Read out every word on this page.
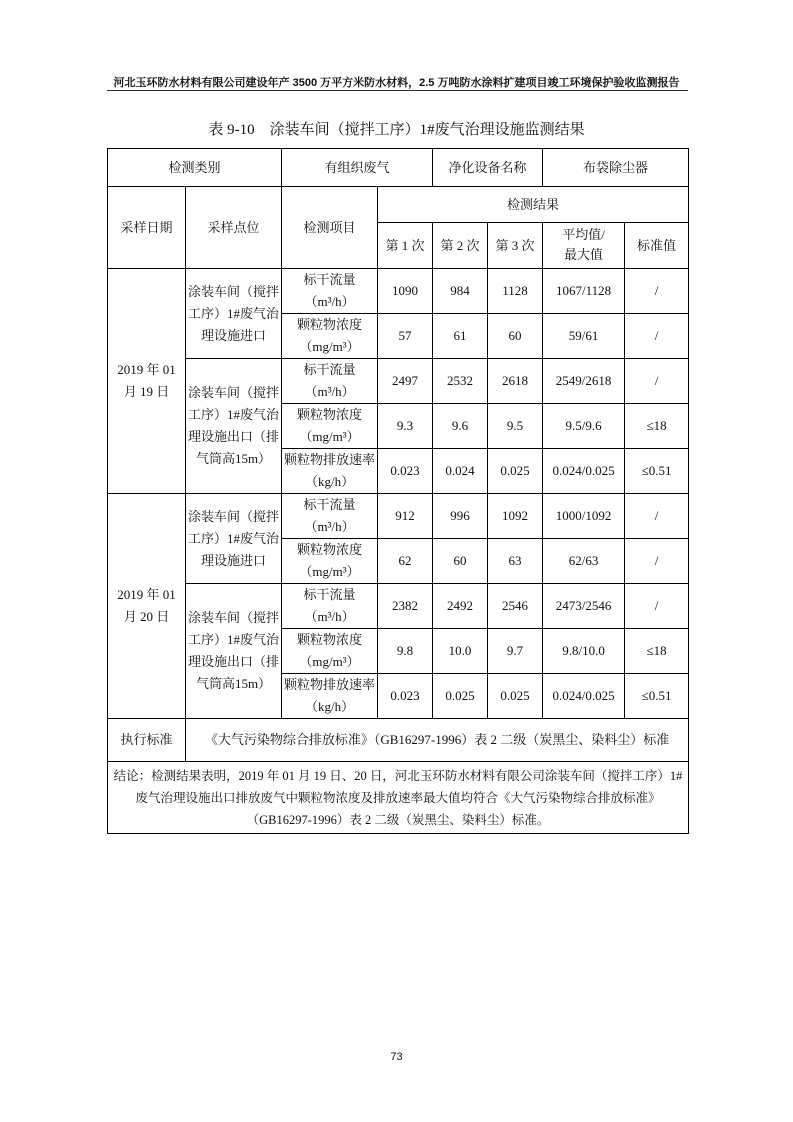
河北玉环防水材料有限公司建设年产 3500 万平方米防水材料，2.5 万吨防水涂料扩建项目竣工环境保护验收监测报告
表 9-10　涂装车间（搅拌工序）1#废气治理设施监测结果
检测类别		有组织废气		净化设备名称		布袋除尘器	
采样日期	采样点位	检测项目	检测结果				
			第 1 次	第 2 次	第 3 次	平均值/最大值	标准值
2019 年 01 月 19 日	涂装车间（搅拌工序）1#废气治理设施进口	标干流量（m³/h）	1090	984	1128	1067/1128	/
		颗粒物浓度（mg/m³）	57	61	60	59/61	/
	涂装车间（搅拌工序）1#废气治理设施出口（排气筒高15m）	标干流量（m³/h）	2497	2532	2618	2549/2618	/
		颗粒物浓度（mg/m³）	9.3	9.6	9.5	9.5/9.6	≤18
		颗粒物排放速率（kg/h）	0.023	0.024	0.025	0.024/0.025	≤0.51
2019 年 01 月 20 日	涂装车间（搅拌工序）1#废气治理设施进口	标干流量（m³/h）	912	996	1092	1000/1092	/
		颗粒物浓度（mg/m³）	62	60	63	62/63	/
	涂装车间（搅拌工序）1#废气治理设施出口（排气筒高15m）	标干流量（m³/h）	2382	2492	2546	2473/2546	/
		颗粒物浓度（mg/m³）	9.8	10.0	9.7	9.8/10.0	≤18
		颗粒物排放速率（kg/h）	0.023	0.025	0.025	0.024/0.025	≤0.51
执行标准	《大气污染物综合排放标准》（GB16297-1996）表 2 二级（炭黑尘、染料尘）标准						
结论：检测结果表明，2019 年 01 月 19 日、20 日，河北玉环防水材料有限公司涂装车间（搅拌工序）1#废气治理设施出口排放废气中颗粒物浓度及排放速率最大值均符合《大气污染物综合排放标准》（GB16297-1996）表 2 二级（炭黑尘、染料尘）标准。							
73
